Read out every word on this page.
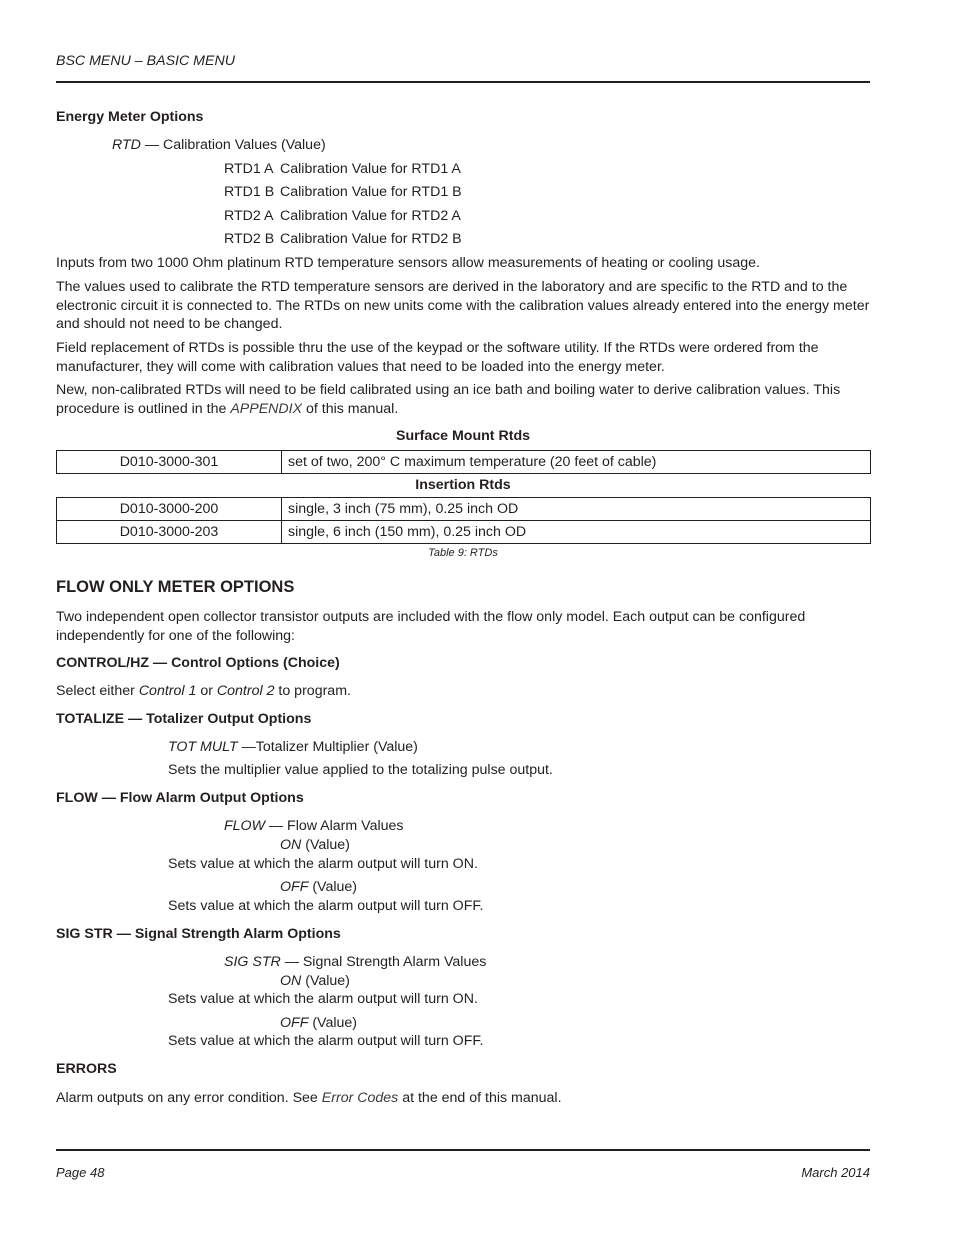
BSC MENU – BASIC MENU
Energy Meter Options
RTD — Calibration Values (Value)
RTD1 A Calibration Value for RTD1 A
RTD1 B Calibration Value for RTD1 B
RTD2 A Calibration Value for RTD2 A
RTD2 B Calibration Value for RTD2 B
Inputs from two 1000 Ohm platinum RTD temperature sensors allow measurements of heating or cooling usage.
The values used to calibrate the RTD temperature sensors are derived in the laboratory and are specific to the RTD and to the electronic circuit it is connected to. The RTDs on new units come with the calibration values already entered into the energy meter and should not need to be changed.
Field replacement of RTDs is possible thru the use of the keypad or the software utility. If the RTDs were ordered from the manufacturer, they will come with calibration values that need to be loaded into the energy meter.
New, non-calibrated RTDs will need to be field calibrated using an ice bath and boiling water to derive calibration values. This procedure is outlined in the APPENDIX of this manual.
Surface Mount Rtds
D010-3000-301	set of two, 200° C maximum temperature (20 feet of cable)
Insertion Rtds
D010-3000-200	single, 3 inch (75 mm), 0.25 inch OD
D010-3000-203	single, 6 inch (150 mm), 0.25 inch OD
Table 9: RTDs
FLOW ONLY METER OPTIONS
Two independent open collector transistor outputs are included with the flow only model. Each output can be configured independently for one of the following:
CONTROL/HZ — Control Options (Choice)
Select either Control 1 or Control 2 to program.
TOTALIZE — Totalizer Output Options
TOT MULT —Totalizer Multiplier (Value)
Sets the multiplier value applied to the totalizing pulse output.
FLOW — Flow Alarm Output Options
FLOW — Flow Alarm Values
ON (Value)
Sets value at which the alarm output will turn ON.
OFF (Value)
Sets value at which the alarm output will turn OFF.
SIG STR — Signal Strength Alarm Options
SIG STR — Signal Strength Alarm Values
ON (Value)
Sets value at which the alarm output will turn ON.
OFF (Value)
Sets value at which the alarm output will turn OFF.
ERRORS
Alarm outputs on any error condition. See Error Codes at the end of this manual.
Page 48	March 2014
